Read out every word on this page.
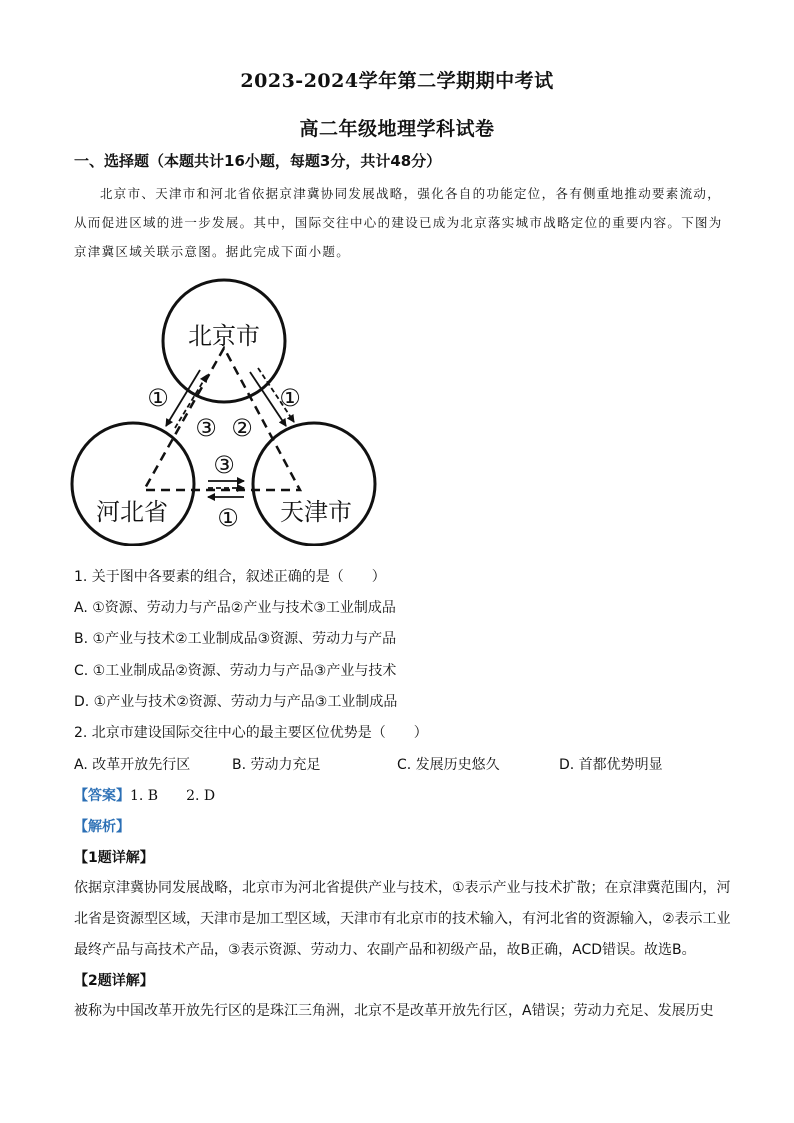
2023-2024学年第二学期期中考试
高二年级地理学科试卷
一、选择题（本题共计16小题，每题3分，共计48分）

北京市、天津市和河北省依据京津冀协同发展战略，强化各自的功能定位，各有侧重地推动要素流动，从而促进区域的进一步发展。其中，国际交往中心的建设已成为北京落实城市战略定位的重要内容。下图为京津冀区域关联示意图。据此完成下面小题。

北京市
河北省	天津市
①
③ ②
①
③
①
1. 关于图中各要素的组合，叙述正确的是（　　）
A. ①资源、劳动力与产品②产业与技术③工业制成品
B. ①产业与技术②工业制成品③资源、劳动力与产品
C. ①工业制成品②资源、劳动力与产品③产业与技术
D. ①产业与技术②资源、劳动力与产品③工业制成品
2. 北京市建设国际交往中心的最主要区位优势是（　　）
A. 改革开放先行区	B. 劳动力充足	C. 发展历史悠久	D. 首都优势明显
【答案】1. B　　2. D
【解析】
【1题详解】

依据京津冀协同发展战略，北京市为河北省提供产业与技术，①表示产业与技术扩散；在京津冀范围内，河北省是资源型区域，天津市是加工型区域，天津市有北京市的技术输入，有河北省的资源输入，②表示工业最终产品与高技术产品，③表示资源、劳动力、农副产品和初级产品，故B正确，ACD错误。故选B。

【2题详解】

被称为中国改革开放先行区的是珠江三角洲，北京不是改革开放先行区，A错误；劳动力充足、发展历史
